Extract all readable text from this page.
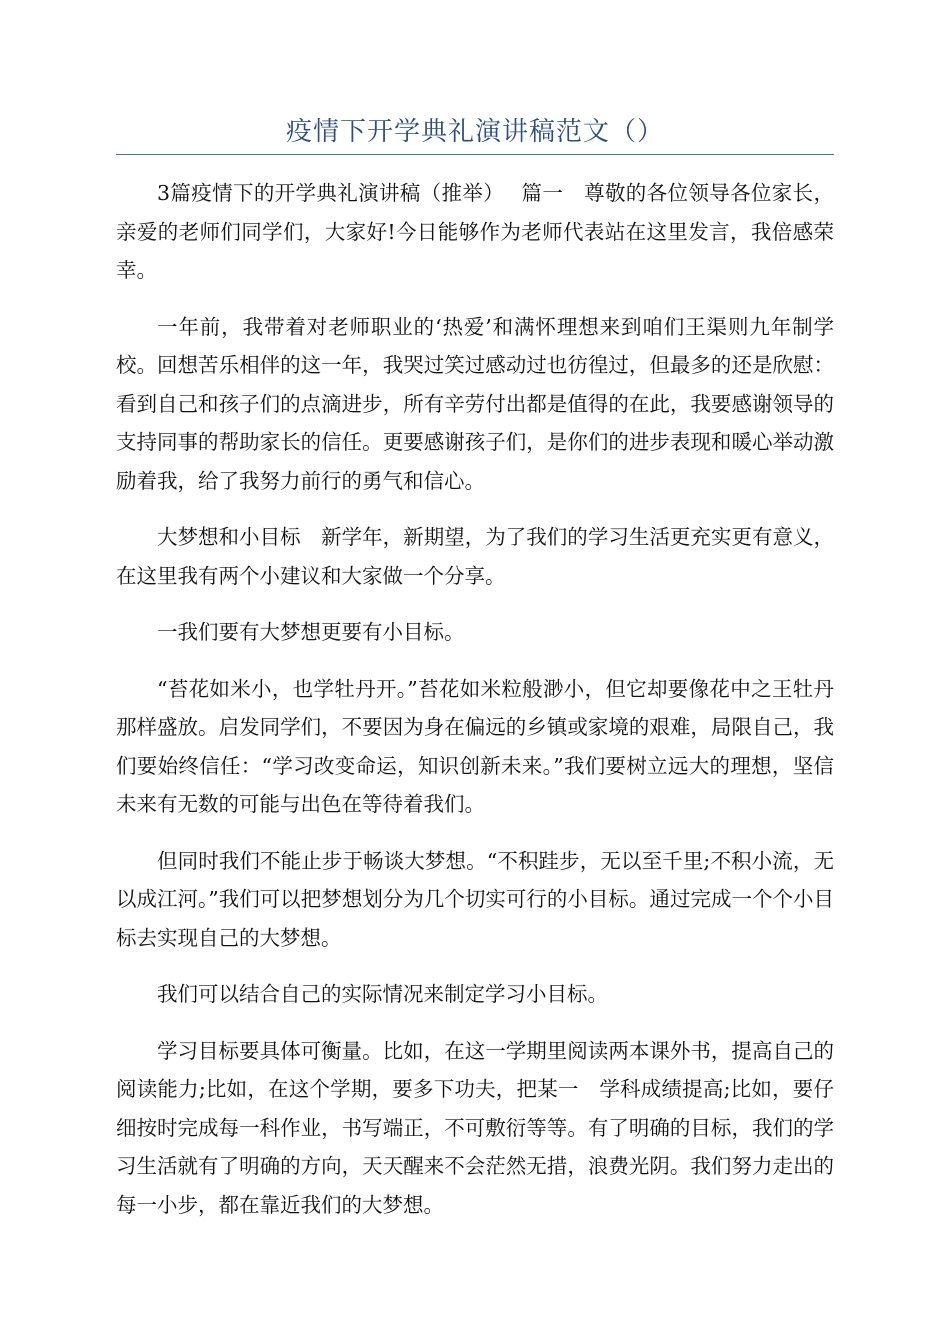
疫情下开学典礼演讲稿范文（）

3篇疫情下的开学典礼演讲稿（推举）　 篇一　尊敬的各位领导各位家长，亲爱的老师们同学们，大家好!今日能够作为老师代表站在这里发言，我倍感荣幸。

一年前，我带着对老师职业的‘热爱’和满怀理想来到咱们王渠则九年制学校。回想苦乐相伴的这一年，我哭过笑过感动过也彷徨过，但最多的还是欣慰：看到自己和孩子们的点滴进步，所有辛劳付出都是值得的在此，我要感谢领导的支持同事的帮助家长的信任。更要感谢孩子们，是你们的进步表现和暖心举动激励着我，给了我努力前行的勇气和信心。

大梦想和小目标　新学年，新期望，为了我们的学习生活更充实更有意义，在这里我有两个小建议和大家做一个分享。

一我们要有大梦想更要有小目标。

“苔花如米小，也学牡丹开。”苔花如米粒般渺小，但它却要像花中之王牡丹那样盛放。启发同学们，不要因为身在偏远的乡镇或家境的艰难，局限自己，我们要始终信任：“学习改变命运，知识创新未来。”我们要树立远大的理想，坚信未来有无数的可能与出色在等待着我们。

但同时我们不能止步于畅谈大梦想。“不积跬步，无以至千里;不积小流，无以成江河。”我们可以把梦想划分为几个切实可行的小目标。通过完成一个个小目标去实现自己的大梦想。

我们可以结合自己的实际情况来制定学习小目标。

学习目标要具体可衡量。比如，在这一学期里阅读两本课外书，提高自己的阅读能力;比如，在这个学期，要多下功夫，把某一　学科成绩提高;比如，要仔细按时完成每一科作业，书写端正，不可敷衍等等。有了明确的目标，我们的学习生活就有了明确的方向，天天醒来不会茫然无措，浪费光阴。我们努力走出的每一小步，都在靠近我们的大梦想。
